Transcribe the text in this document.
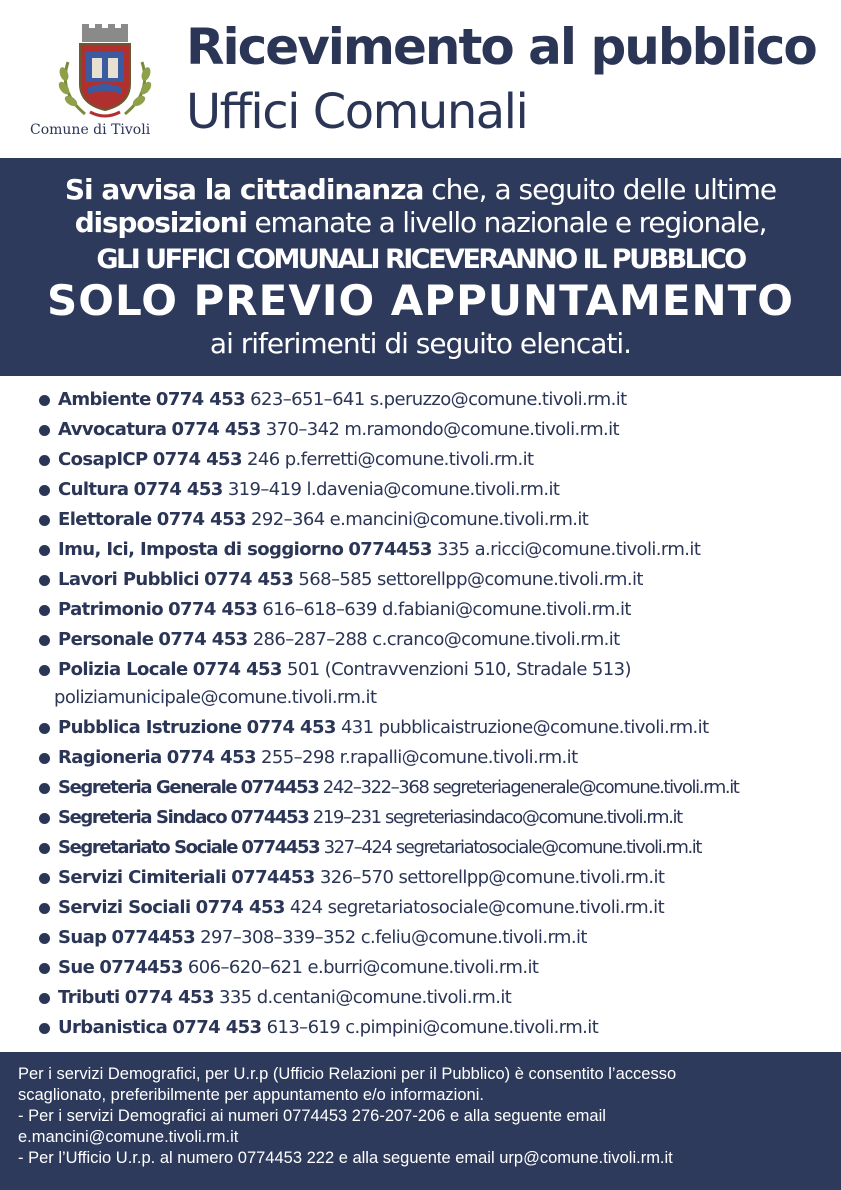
Comune di Tivoli
Ricevimento al pubblico
Uffici Comunali
Si avvisa la cittadinanza che, a seguito delle ultime
disposizioni emanate a livello nazionale e regionale,
GLI UFFICI COMUNALI RICEVERANNO IL PUBBLICO
SOLO PREVIO APPUNTAMENTO
ai riferimenti di seguito elencati.
Ambiente 0774 453 623–651–641 s.peruzzo@comune.tivoli.rm.it
Avvocatura 0774 453 370–342 m.ramondo@comune.tivoli.rm.it
CosapICP 0774 453 246 p.ferretti@comune.tivoli.rm.it
Cultura 0774 453 319–419 l.davenia@comune.tivoli.rm.it
Elettorale 0774 453 292–364 e.mancini@comune.tivoli.rm.it
Imu, Ici, Imposta di soggiorno 0774453 335 a.ricci@comune.tivoli.rm.it
Lavori Pubblici 0774 453 568–585 settorellpp@comune.tivoli.rm.it
Patrimonio 0774 453 616–618–639 d.fabiani@comune.tivoli.rm.it
Personale 0774 453 286–287–288 c.cranco@comune.tivoli.rm.it
Polizia Locale 0774 453 501 (Contravvenzioni 510, Stradale 513)
poliziamunicipale@comune.tivoli.rm.it
Pubblica Istruzione 0774 453 431 pubblicaistruzione@comune.tivoli.rm.it
Ragioneria 0774 453 255–298 r.rapalli@comune.tivoli.rm.it
Segreteria Generale 0774453 242–322–368 segreteriagenerale@comune.tivoli.rm.it
Segreteria Sindaco 0774453 219–231 segreteriasindaco@comune.tivoli.rm.it
Segretariato Sociale 0774453 327–424 segretariatosociale@comune.tivoli.rm.it
Servizi Cimiteriali 0774453 326–570 settorellpp@comune.tivoli.rm.it
Servizi Sociali 0774 453 424 segretariatosociale@comune.tivoli.rm.it
Suap 0774453 297–308–339–352 c.feliu@comune.tivoli.rm.it
Sue 0774453 606–620–621 e.burri@comune.tivoli.rm.it
Tributi 0774 453 335 d.centani@comune.tivoli.rm.it
Urbanistica 0774 453 613–619 c.pimpini@comune.tivoli.rm.it

Per i servizi Demografici, per U.r.p (Ufficio Relazioni per il Pubblico) è consentito l’accesso

scaglionato, preferibilmente per appuntamento e/o informazioni.

- Per i servizi Demografici ai numeri 0774453 276-207-206 e alla seguente email

e.mancini@comune.tivoli.rm.it

- Per l’Ufficio U.r.p. al numero 0774453 222 e alla seguente email urp@comune.tivoli.rm.it
